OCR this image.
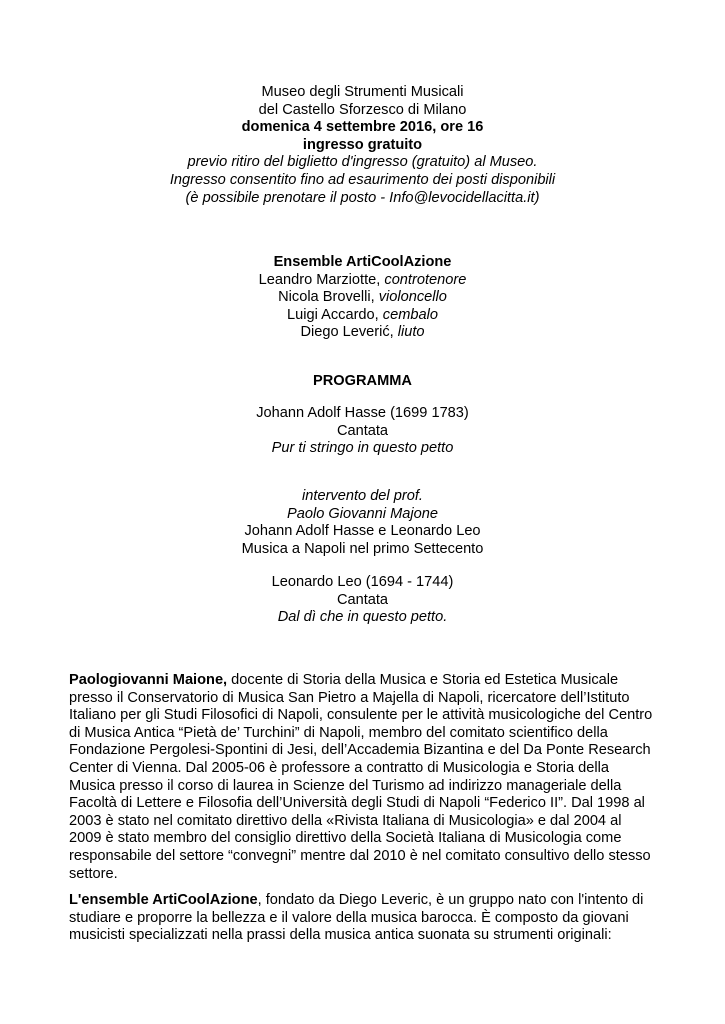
Museo degli Strumenti Musicali
del Castello Sforzesco di Milano
domenica 4 settembre 2016, ore 16
ingresso gratuito
previo ritiro del biglietto d'ingresso (gratuito) al Museo.
Ingresso consentito fino ad esaurimento dei posti disponibili
(è possibile prenotare il posto - Info@levocidellacitta.it)
Ensemble ArtiCoolAzione
Leandro Marziotte, controtenore
Nicola Brovelli, violoncello
Luigi Accardo, cembalo
Diego Leverić, liuto
PROGRAMMA
Johann Adolf Hasse (1699 1783)
Cantata
Pur ti stringo in questo petto
intervento del prof.
Paolo Giovanni Majone
Johann Adolf Hasse e Leonardo Leo
Musica a Napoli nel primo Settecento
Leonardo Leo (1694 - 1744)
Cantata
Dal dì che in questo petto.
Paologiovanni Maione, docente di Storia della Musica e Storia ed Estetica Musicale
presso il Conservatorio di Musica San Pietro a Majella di Napoli, ricercatore dell’Istituto
Italiano per gli Studi Filosofici di Napoli, consulente per le attività musicologiche del Centro
di Musica Antica “Pietà de’ Turchini” di Napoli, membro del comitato scientifico della
Fondazione Pergolesi-Spontini di Jesi, dell’Accademia Bizantina e del Da Ponte Research
Center di Vienna. Dal 2005-06 è professore a contratto di Musicologia e Storia della
Musica presso il corso di laurea in Scienze del Turismo ad indirizzo manageriale della
Facoltà di Lettere e Filosofia dell’Università degli Studi di Napoli “Federico II”. Dal 1998 al
2003 è stato nel comitato direttivo della «Rivista Italiana di Musicologia» e dal 2004 al
2009 è stato membro del consiglio direttivo della Società Italiana di Musicologia come
responsabile del settore “convegni” mentre dal 2010 è nel comitato consultivo dello stesso
settore.
L'ensemble ArtiCoolAzione, fondato da Diego Leveric, è un gruppo nato con l'intento di
studiare e proporre la bellezza e il valore della musica barocca. È composto da giovani
musicisti specializzati nella prassi della musica antica suonata su strumenti originali:
